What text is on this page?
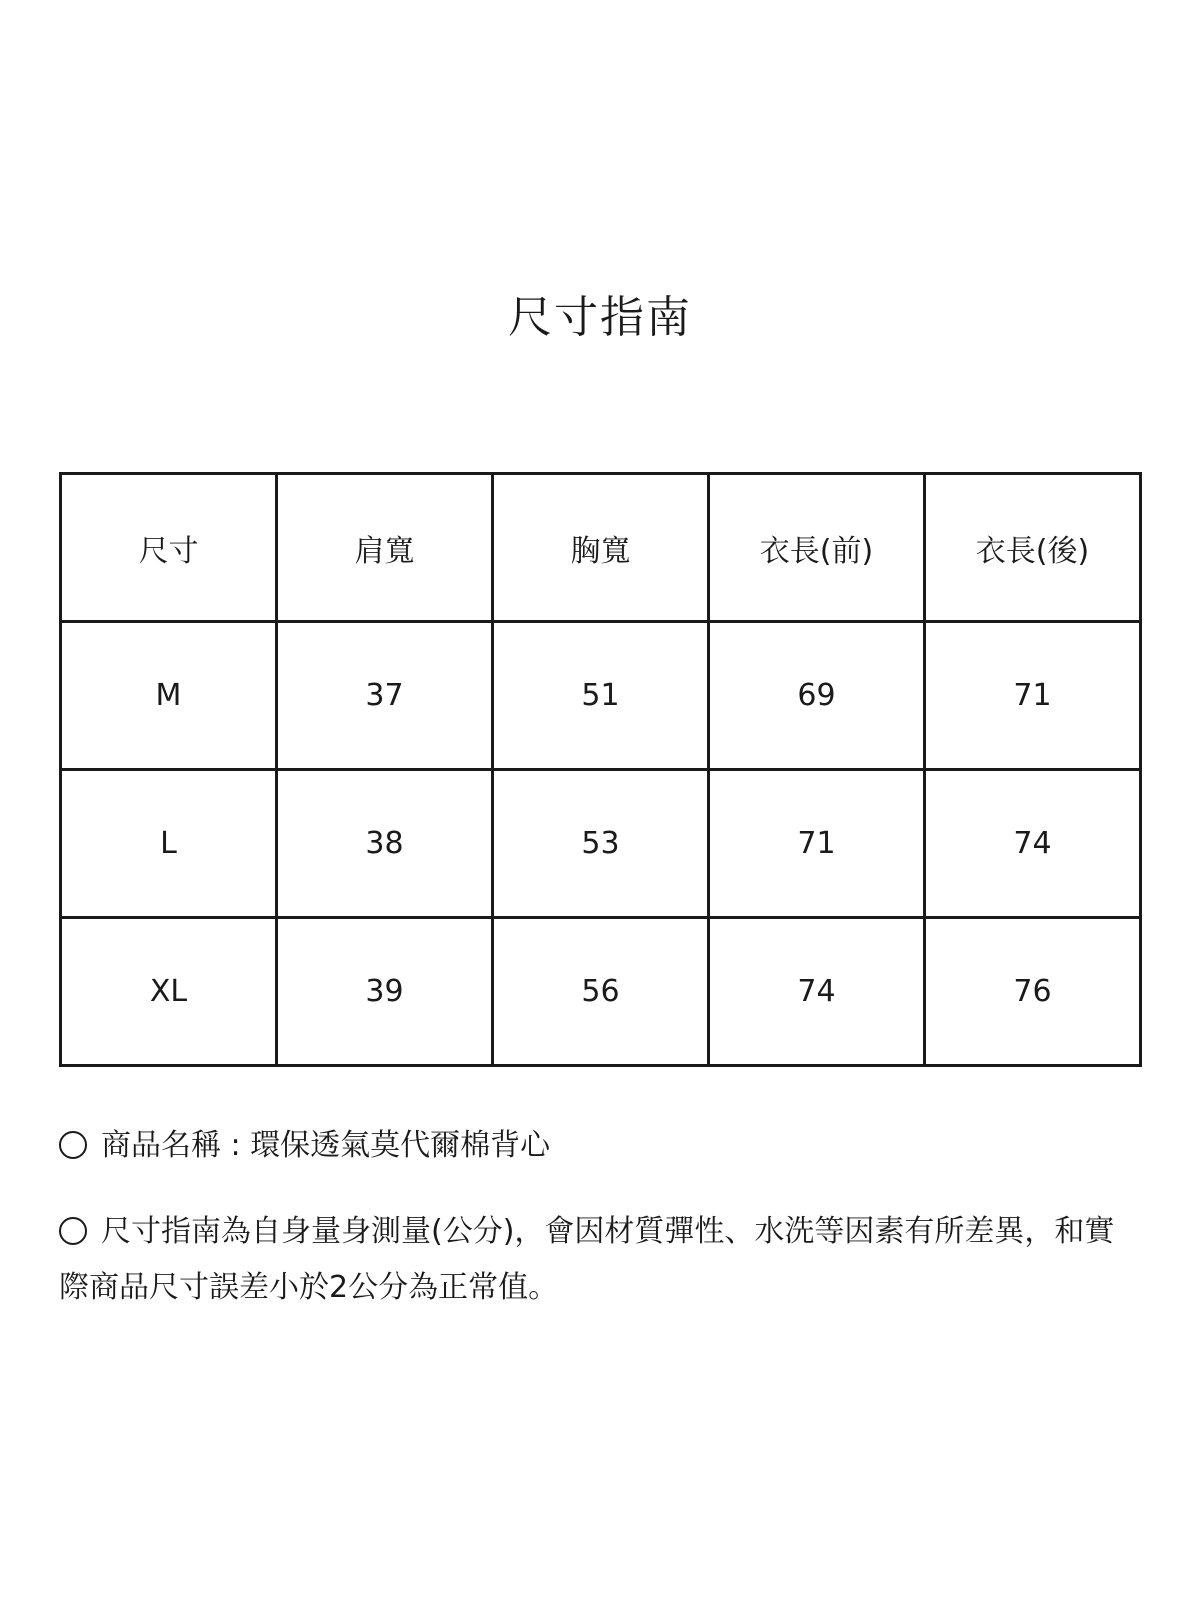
尺寸指南
尺寸	肩寬	胸寬	衣長(前)	衣長(後)
M	37	51	69	71
L	38	53	71	74
XL	39	56	74	76
商品名稱 : 環保透氣莫代爾棉背心
尺寸指南為自身量身測量(公分)，會因材質彈性、水洗等因素有所差異，和實際商品尺寸誤差小於2公分為正常值。
